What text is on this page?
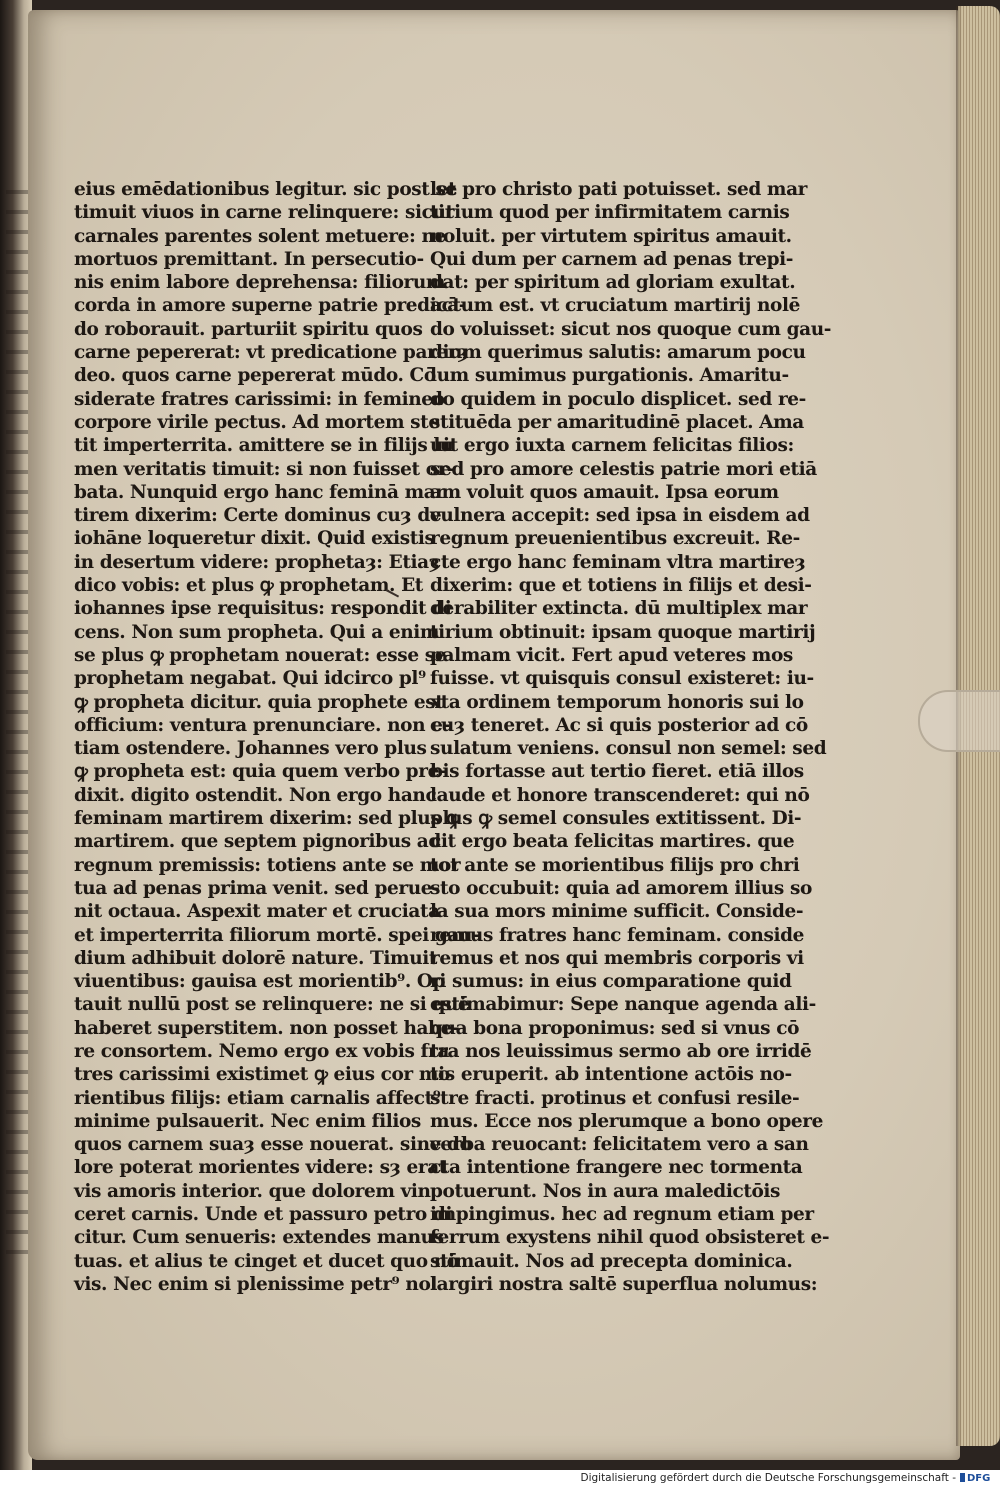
eius emēdationibus legitur. sic post se
timuit viuos in carne relinquere: sicut
carnales parentes solent metuere: ne
mortuos premittant. In persecutio-
nis enim labore deprehensa: filiorum
corda in amore superne patrie predicā-
do roborauit. parturiit spiritu quos
carne pepererat: vt predicatione parerȝ
deo. quos carne pepererat mūdo. Cō
siderate fratres carissimi: in femineo
corpore virile pectus. Ad mortem ste
tit imperterrita. amittere se in filijs lu
men veritatis timuit: si non fuisset or-
bata. Nunquid ergo hanc feminā mar
tirem dixerim: Certe dominus cuȝ de
iohāne loqueretur dixit. Quid existis
in desertum videre: prophetaȝ: Etiaȝ
dico vobis: et plus ꝙ prophetam. Et
iohannes ipse requisitus: respondit di
cens. Non sum propheta. Qui a enim
se plus ꝙ prophetam nouerat: esse se
prophetam negabat. Qui idcirco pl⁹
ꝙ propheta dicitur. quia prophete est
officium: ventura prenunciare. non e-
tiam ostendere. Johannes vero plus
ꝙ propheta est: quia quem verbo pre-
dixit. digito ostendit. Non ergo hanc
feminam martirem dixerim: sed plus ꝙ
martirem. que septem pignoribus ad
regnum premissis: totiens ante se mor
tua ad penas prima venit. sed perue-
nit octaua. Aspexit mater et cruciata
et imperterrita filiorum mortē. spei gau-
dium adhibuit dolorē nature. Timuit
viuentibus: gauisa est morientib⁹. Op
tauit nullū post se relinquere: ne si quē
haberet superstitem. non posset habe-
re consortem. Nemo ergo ex vobis fra
tres carissimi existimet ꝙ eius cor mo
rientibus filijs: etiam carnalis affect⁹
minime pulsauerit. Nec enim filios
quos carnem suaȝ esse nouerat. sine do
lore poterat morientes videre: sȝ erat
vis amoris interior. que dolorem vin
ceret carnis. Unde et passuro petro di
citur. Cum senueris: extendes manus
tuas. et alius te cinget et ducet quo nō
vis. Nec enim si plenissime petr⁹ nol
let pro christo pati potuisset. sed mar
tirium quod per infirmitatem carnis
noluit. per virtutem spiritus amauit.
Qui dum per carnem ad penas trepi-
dat: per spiritum ad gloriam exultat.
actum est. vt cruciatum martirij nolē
do voluisset: sicut nos quoque cum gau-
dium querimus salutis: amarum pocu
lum sumimus purgationis. Amaritu-
do quidem in poculo displicet. sed re-
stituēda per amaritudinē placet. Ama
uit ergo iuxta carnem felicitas filios:
sed pro amore celestis patrie mori etiā
am voluit quos amauit. Ipsa eorum
vulnera accepit: sed ipsa in eisdem ad
regnum preuenientibus excreuit. Re-
cte ergo hanc feminam vltra martireȝ
dixerim: que et totiens in filijs et desi-
derabiliter extincta. dū multiplex mar
tirium obtinuit: ipsam quoque martirij
palmam vicit. Fert apud veteres mos
fuisse. vt quisquis consul existeret: iu-
xta ordinem temporum honoris sui lo
cuȝ teneret. Ac si quis posterior ad cō
sulatum veniens. consul non semel: sed
bis fortasse aut tertio fieret. etiā illos
laude et honore transcenderet: qui nō
plus ꝙ semel consules extitissent. Di-
cit ergo beata felicitas martires. que
tot ante se morientibus filijs pro chri
sto occubuit: quia ad amorem illius so
la sua mors minime sufficit. Conside-
remus fratres hanc feminam. conside
remus et nos qui membris corporis vi
ri sumus: in eius comparatione quid
estimabimur: Sepe nanque agenda ali-
qua bona proponimus: sed si vnus cō
tra nos leuissimus sermo ab ore irridē
tis eruperit. ab intentione actōis no-
stre fracti. protinus et confusi resile-
mus. Ecce nos plerumque a bono opere
verba reuocant: felicitatem vero a san
cta intentione frangere nec tormenta
potuerunt. Nos in aura maledictōis
impingimus. hec ad regnum etiam per
ferrum exystens nihil quod obsisteret e-
stimauit. Nos ad precepta dominica.
largiri nostra saltē superflua nolumus:
Digitalisierung gefördert durch die Deutsche Forschungsgemeinschaft -	DFG
